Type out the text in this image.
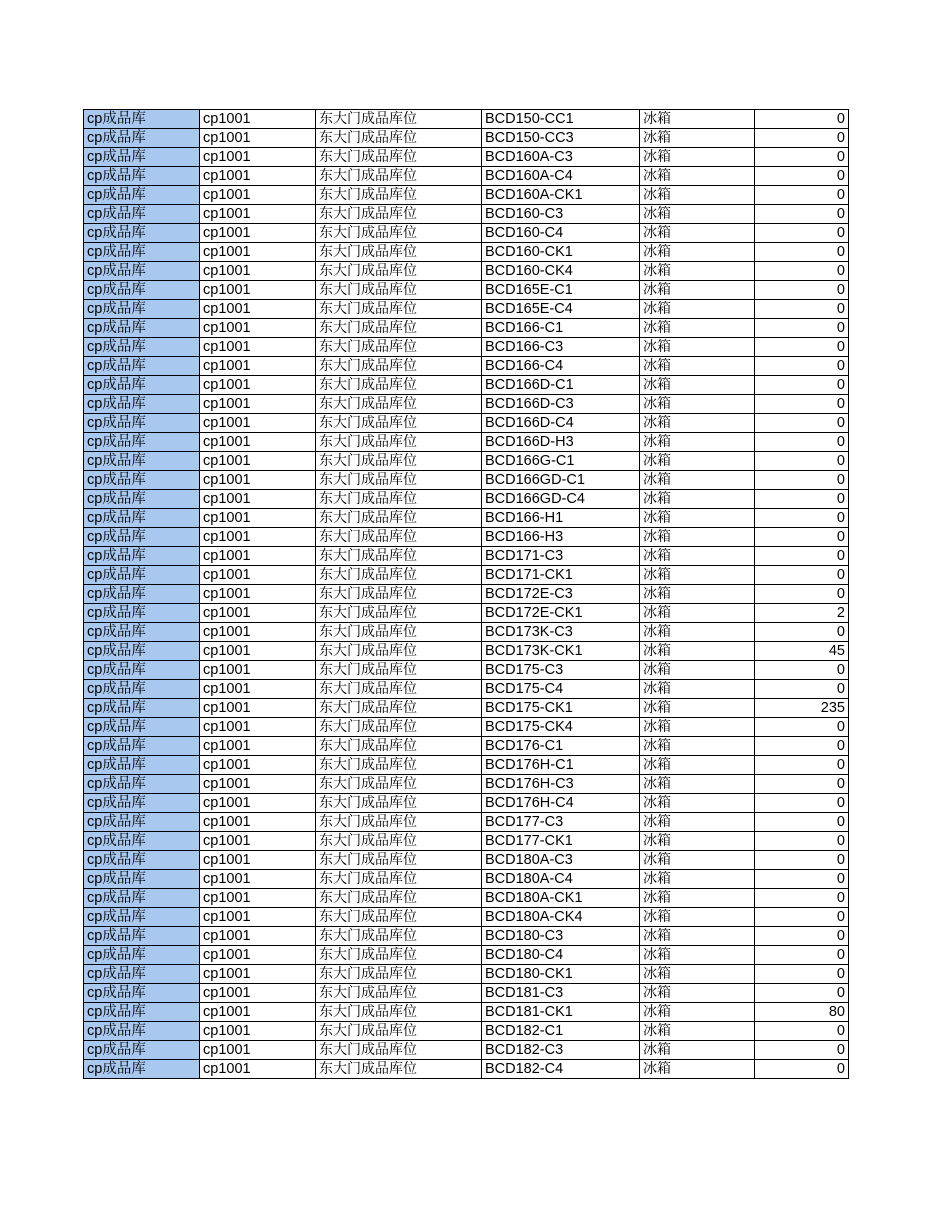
cp成品库	cp1001	东大门成品库位	BCD150-CC1	冰箱	0
cp成品库	cp1001	东大门成品库位	BCD150-CC3	冰箱	0
cp成品库	cp1001	东大门成品库位	BCD160A-C3	冰箱	0
cp成品库	cp1001	东大门成品库位	BCD160A-C4	冰箱	0
cp成品库	cp1001	东大门成品库位	BCD160A-CK1	冰箱	0
cp成品库	cp1001	东大门成品库位	BCD160-C3	冰箱	0
cp成品库	cp1001	东大门成品库位	BCD160-C4	冰箱	0
cp成品库	cp1001	东大门成品库位	BCD160-CK1	冰箱	0
cp成品库	cp1001	东大门成品库位	BCD160-CK4	冰箱	0
cp成品库	cp1001	东大门成品库位	BCD165E-C1	冰箱	0
cp成品库	cp1001	东大门成品库位	BCD165E-C4	冰箱	0
cp成品库	cp1001	东大门成品库位	BCD166-C1	冰箱	0
cp成品库	cp1001	东大门成品库位	BCD166-C3	冰箱	0
cp成品库	cp1001	东大门成品库位	BCD166-C4	冰箱	0
cp成品库	cp1001	东大门成品库位	BCD166D-C1	冰箱	0
cp成品库	cp1001	东大门成品库位	BCD166D-C3	冰箱	0
cp成品库	cp1001	东大门成品库位	BCD166D-C4	冰箱	0
cp成品库	cp1001	东大门成品库位	BCD166D-H3	冰箱	0
cp成品库	cp1001	东大门成品库位	BCD166G-C1	冰箱	0
cp成品库	cp1001	东大门成品库位	BCD166GD-C1	冰箱	0
cp成品库	cp1001	东大门成品库位	BCD166GD-C4	冰箱	0
cp成品库	cp1001	东大门成品库位	BCD166-H1	冰箱	0
cp成品库	cp1001	东大门成品库位	BCD166-H3	冰箱	0
cp成品库	cp1001	东大门成品库位	BCD171-C3	冰箱	0
cp成品库	cp1001	东大门成品库位	BCD171-CK1	冰箱	0
cp成品库	cp1001	东大门成品库位	BCD172E-C3	冰箱	0
cp成品库	cp1001	东大门成品库位	BCD172E-CK1	冰箱	2
cp成品库	cp1001	东大门成品库位	BCD173K-C3	冰箱	0
cp成品库	cp1001	东大门成品库位	BCD173K-CK1	冰箱	45
cp成品库	cp1001	东大门成品库位	BCD175-C3	冰箱	0
cp成品库	cp1001	东大门成品库位	BCD175-C4	冰箱	0
cp成品库	cp1001	东大门成品库位	BCD175-CK1	冰箱	235
cp成品库	cp1001	东大门成品库位	BCD175-CK4	冰箱	0
cp成品库	cp1001	东大门成品库位	BCD176-C1	冰箱	0
cp成品库	cp1001	东大门成品库位	BCD176H-C1	冰箱	0
cp成品库	cp1001	东大门成品库位	BCD176H-C3	冰箱	0
cp成品库	cp1001	东大门成品库位	BCD176H-C4	冰箱	0
cp成品库	cp1001	东大门成品库位	BCD177-C3	冰箱	0
cp成品库	cp1001	东大门成品库位	BCD177-CK1	冰箱	0
cp成品库	cp1001	东大门成品库位	BCD180A-C3	冰箱	0
cp成品库	cp1001	东大门成品库位	BCD180A-C4	冰箱	0
cp成品库	cp1001	东大门成品库位	BCD180A-CK1	冰箱	0
cp成品库	cp1001	东大门成品库位	BCD180A-CK4	冰箱	0
cp成品库	cp1001	东大门成品库位	BCD180-C3	冰箱	0
cp成品库	cp1001	东大门成品库位	BCD180-C4	冰箱	0
cp成品库	cp1001	东大门成品库位	BCD180-CK1	冰箱	0
cp成品库	cp1001	东大门成品库位	BCD181-C3	冰箱	0
cp成品库	cp1001	东大门成品库位	BCD181-CK1	冰箱	80
cp成品库	cp1001	东大门成品库位	BCD182-C1	冰箱	0
cp成品库	cp1001	东大门成品库位	BCD182-C3	冰箱	0
cp成品库	cp1001	东大门成品库位	BCD182-C4	冰箱	0
